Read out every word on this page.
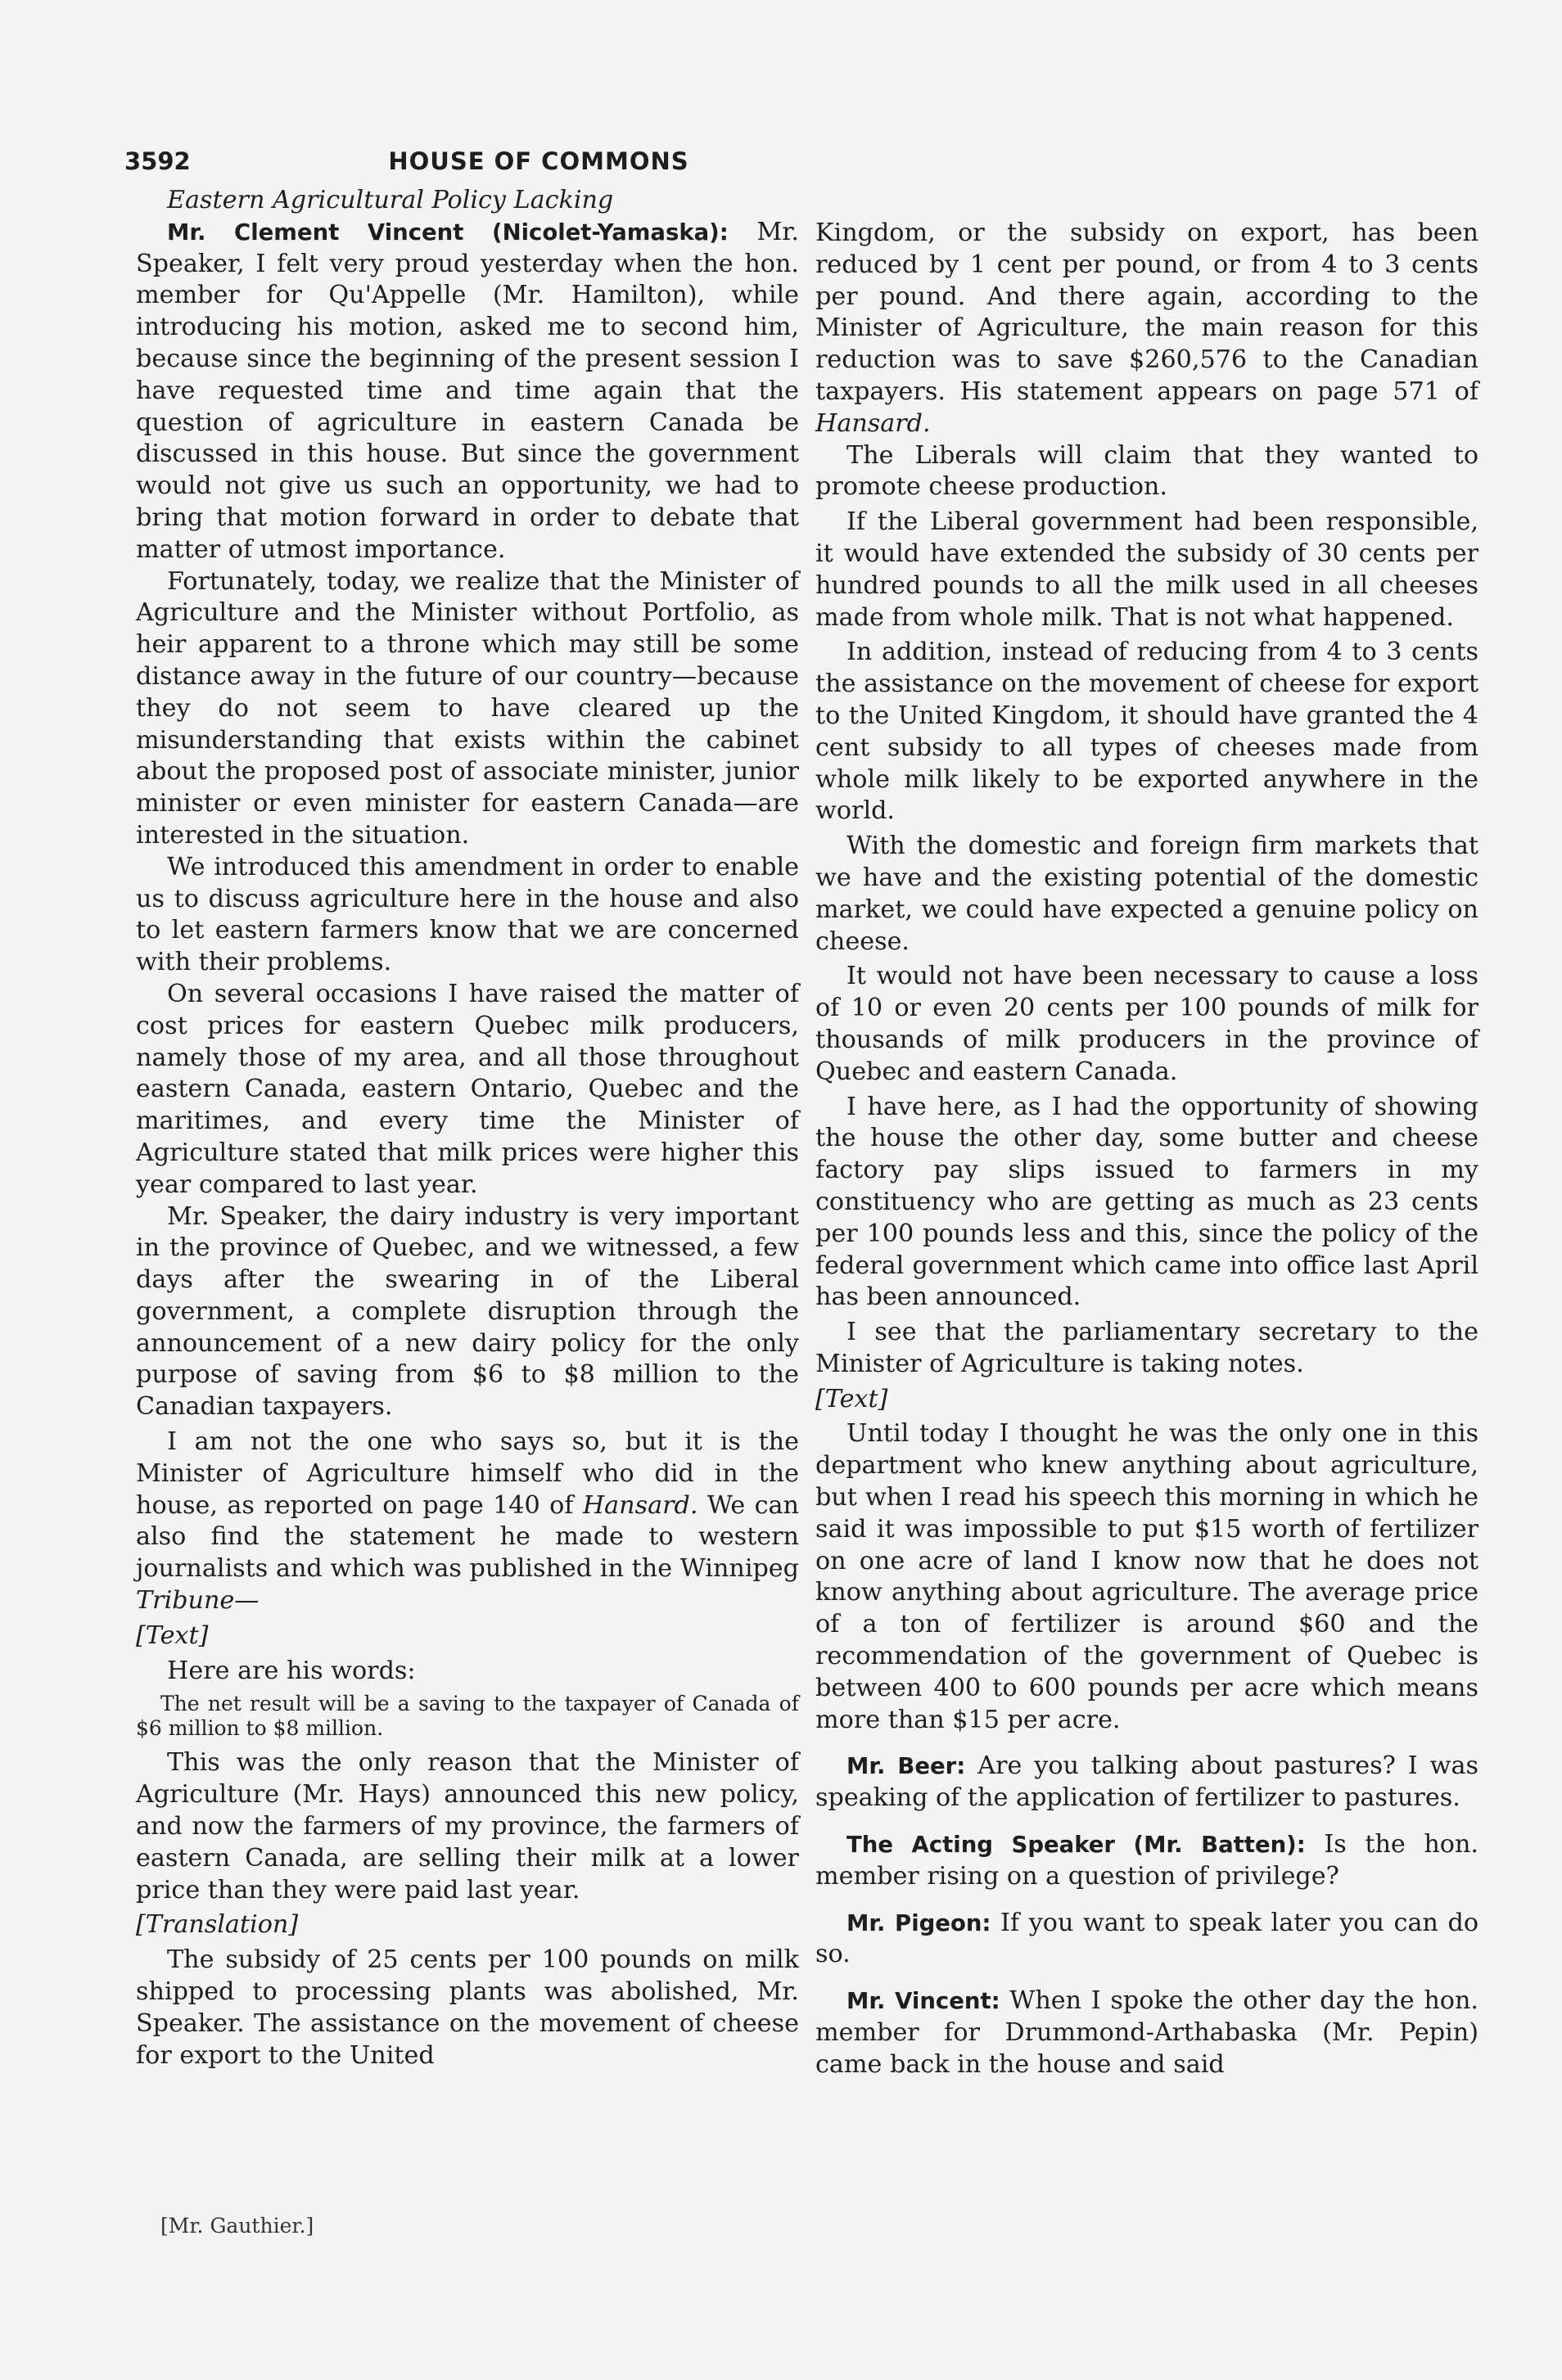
3592	HOUSE OF COMMONS

Eastern Agricultural Policy Lacking

Mr. Clement Vincent (Nicolet-Yamaska): Mr. Speaker, I felt very proud yesterday when the hon. member for Qu'Appelle (Mr. Hamilton), while introducing his motion, asked me to second him, because since the beginning of the present session I have requested time and time again that the question of agriculture in eastern Canada be discussed in this house. But since the government would not give us such an opportunity, we had to bring that motion forward in order to debate that matter of utmost importance.

Fortunately, today, we realize that the Minister of Agriculture and the Minister without Portfolio, as heir apparent to a throne which may still be some distance away in the future of our country—because they do not seem to have cleared up the misunderstanding that exists within the cabinet about the proposed post of associate minister, junior minister or even minister for eastern Canada—are interested in the situation.

We introduced this amendment in order to enable us to discuss agriculture here in the house and also to let eastern farmers know that we are concerned with their problems.

On several occasions I have raised the matter of cost prices for eastern Quebec milk producers, namely those of my area, and all those throughout eastern Canada, eastern Ontario, Quebec and the maritimes, and every time the Minister of Agriculture stated that milk prices were higher this year compared to last year.

Mr. Speaker, the dairy industry is very important in the province of Quebec, and we witnessed, a few days after the swearing in of the Liberal government, a complete disruption through the announcement of a new dairy policy for the only purpose of saving from $6 to $8 million to the Canadian taxpayers.

I am not the one who says so, but it is the Minister of Agriculture himself who did in the house, as reported on page 140 of Hansard. We can also find the statement he made to western journalists and which was published in the Winnipeg Tribune—

[Text]

Here are his words:

The net result will be a saving to the taxpayer of Canada of $6 million to $8 million.

This was the only reason that the Minister of Agriculture (Mr. Hays) announced this new policy, and now the farmers of my province, the farmers of eastern Canada, are selling their milk at a lower price than they were paid last year.

[Translation]

The subsidy of 25 cents per 100 pounds on milk shipped to processing plants was abolished, Mr. Speaker. The assistance on the movement of cheese for export to the United

Kingdom, or the subsidy on export, has been reduced by 1 cent per pound, or from 4 to 3 cents per pound. And there again, according to the Minister of Agriculture, the main reason for this reduction was to save $260,576 to the Canadian taxpayers. His statement appears on page 571 of Hansard.

The Liberals will claim that they wanted to promote cheese production.

If the Liberal government had been responsible, it would have extended the subsidy of 30 cents per hundred pounds to all the milk used in all cheeses made from whole milk. That is not what happened.

In addition, instead of reducing from 4 to 3 cents the assistance on the movement of cheese for export to the United Kingdom, it should have granted the 4 cent subsidy to all types of cheeses made from whole milk likely to be exported anywhere in the world.

With the domestic and foreign firm markets that we have and the existing potential of the domestic market, we could have expected a genuine policy on cheese.

It would not have been necessary to cause a loss of 10 or even 20 cents per 100 pounds of milk for thousands of milk producers in the province of Quebec and eastern Canada.

I have here, as I had the opportunity of showing the house the other day, some butter and cheese factory pay slips issued to farmers in my constituency who are getting as much as 23 cents per 100 pounds less and this, since the policy of the federal government which came into office last April has been announced.

I see that the parliamentary secretary to the Minister of Agriculture is taking notes.

[Text]

Until today I thought he was the only one in this department who knew anything about agriculture, but when I read his speech this morning in which he said it was impossible to put $15 worth of fertilizer on one acre of land I know now that he does not know anything about agriculture. The average price of a ton of fertilizer is around $60 and the recommendation of the government of Quebec is between 400 to 600 pounds per acre which means more than $15 per acre.

Mr. Beer: Are you talking about pastures? I was speaking of the application of fertilizer to pastures.

The Acting Speaker (Mr. Batten): Is the hon. member rising on a question of privilege?

Mr. Pigeon: If you want to speak later you can do so.

Mr. Vincent: When I spoke the other day the hon. member for Drummond-Arthabaska (Mr. Pepin) came back in the house and said

[Mr. Gauthier.]
